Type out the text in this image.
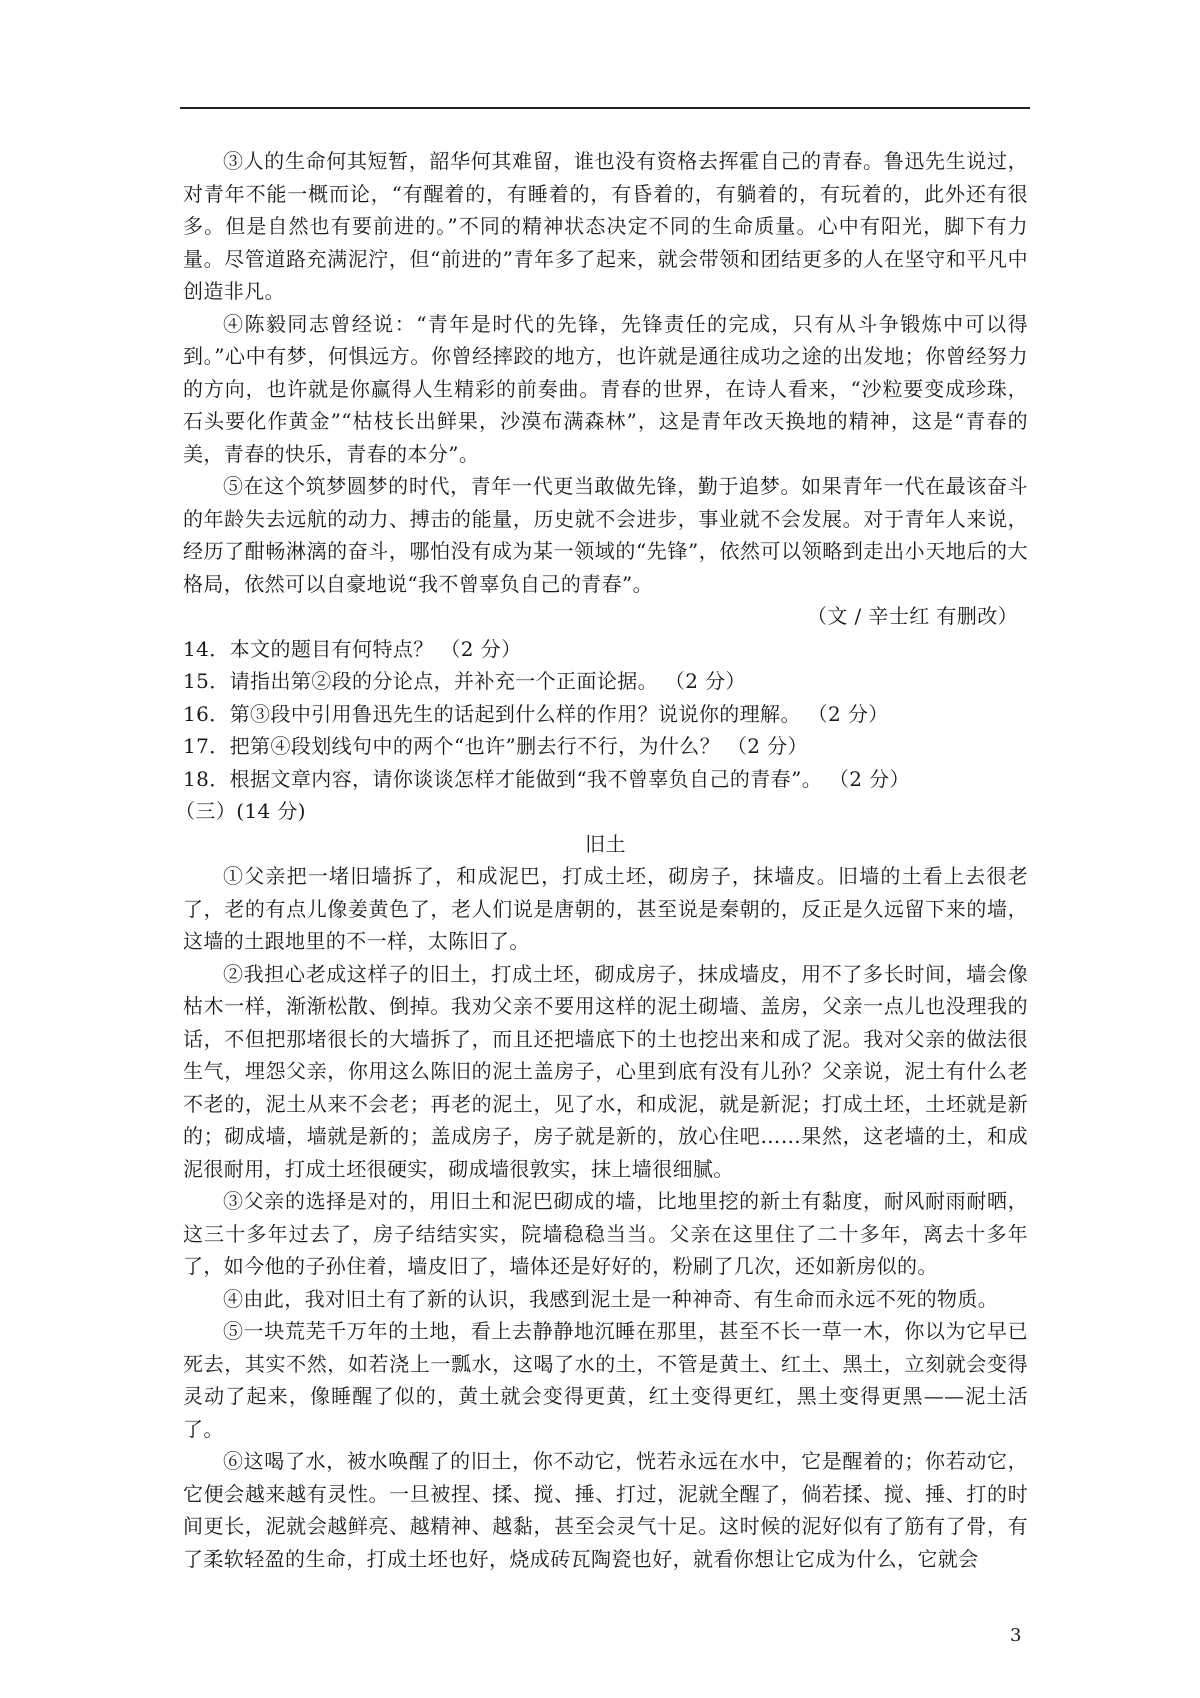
③人的生命何其短暂，韶华何其难留，谁也没有资格去挥霍自己的青春。鲁迅先生说过，对青年不能一概而论，“有醒着的，有睡着的，有昏着的，有躺着的，有玩着的，此外还有很多。但是自然也有要前进的。”不同的精神状态决定不同的生命质量。心中有阳光，脚下有力量。尽管道路充满泥泞，但“前进的”青年多了起来，就会带领和团结更多的人在坚守和平凡中创造非凡。

④陈毅同志曾经说：“青年是时代的先锋，先锋责任的完成，只有从斗争锻炼中可以得到。”心中有梦，何惧远方。你曾经摔跤的地方，也许就是通往成功之途的出发地；你曾经努力的方向，也许就是你赢得人生精彩的前奏曲。青春的世界，在诗人看来，“沙粒要变成珍珠，石头要化作黄金”“枯枝长出鲜果，沙漠布满森林”，这是青年改天换地的精神，这是“青春的美，青春的快乐，青春的本分”。

⑤在这个筑梦圆梦的时代，青年一代更当敢做先锋，勤于追梦。如果青年一代在最该奋斗的年龄失去远航的动力、搏击的能量，历史就不会进步，事业就不会发展。对于青年人来说，经历了酣畅淋漓的奋斗，哪怕没有成为某一领域的“先锋”，依然可以领略到走出小天地后的大格局，依然可以自豪地说“我不曾辜负自己的青春”。

（文 / 辛士红 有删改）

14．本文的题目有何特点？ （2 分）

15．请指出第②段的分论点，并补充一个正面论据。 （2 分）

16．第③段中引用鲁迅先生的话起到什么样的作用？说说你的理解。 （2 分）

17．把第④段划线句中的两个“也许”删去行不行，为什么？ （2 分）

18．根据文章内容，请你谈谈怎样才能做到“我不曾辜负自己的青春”。 （2 分）

（三）(14 分)

旧土

①父亲把一堵旧墙拆了，和成泥巴，打成土坯，砌房子，抹墙皮。旧墙的土看上去很老了，老的有点儿像姜黄色了，老人们说是唐朝的，甚至说是秦朝的，反正是久远留下来的墙，这墙的土跟地里的不一样，太陈旧了。

②我担心老成这样子的旧土，打成土坯，砌成房子，抹成墙皮，用不了多长时间，墙会像枯木一样，渐渐松散、倒掉。我劝父亲不要用这样的泥土砌墙、盖房，父亲一点儿也没理我的话，不但把那堵很长的大墙拆了，而且还把墙底下的土也挖出来和成了泥。我对父亲的做法很生气，埋怨父亲，你用这么陈旧的泥土盖房子，心里到底有没有儿孙？父亲说，泥土有什么老不老的，泥土从来不会老；再老的泥土，见了水，和成泥，就是新泥；打成土坯，土坯就是新的；砌成墙，墙就是新的；盖成房子，房子就是新的，放心住吧……果然，这老墙的土，和成泥很耐用，打成土坯很硬实，砌成墙很敦实，抹上墙很细腻。

③父亲的选择是对的，用旧土和泥巴砌成的墙，比地里挖的新土有黏度，耐风耐雨耐晒，这三十多年过去了，房子结结实实，院墙稳稳当当。父亲在这里住了二十多年，离去十多年了，如今他的子孙住着，墙皮旧了，墙体还是好好的，粉刷了几次，还如新房似的。

④由此，我对旧土有了新的认识，我感到泥土是一种神奇、有生命而永远不死的物质。

⑤一块荒芜千万年的土地，看上去静静地沉睡在那里，甚至不长一草一木，你以为它早已死去，其实不然，如若浇上一瓢水，这喝了水的土，不管是黄土、红土、黑土，立刻就会变得灵动了起来，像睡醒了似的，黄土就会变得更黄，红土变得更红，黑土变得更黑——泥土活了。

⑥这喝了水，被水唤醒了的旧土，你不动它，恍若永远在水中，它是醒着的；你若动它，它便会越来越有灵性。一旦被捏、揉、搅、捶、打过，泥就全醒了，倘若揉、搅、捶、打的时间更长，泥就会越鲜亮、越精神、越黏，甚至会灵气十足。这时候的泥好似有了筋有了骨，有了柔软轻盈的生命，打成土坯也好，烧成砖瓦陶瓷也好，就看你想让它成为什么，它就会

3
